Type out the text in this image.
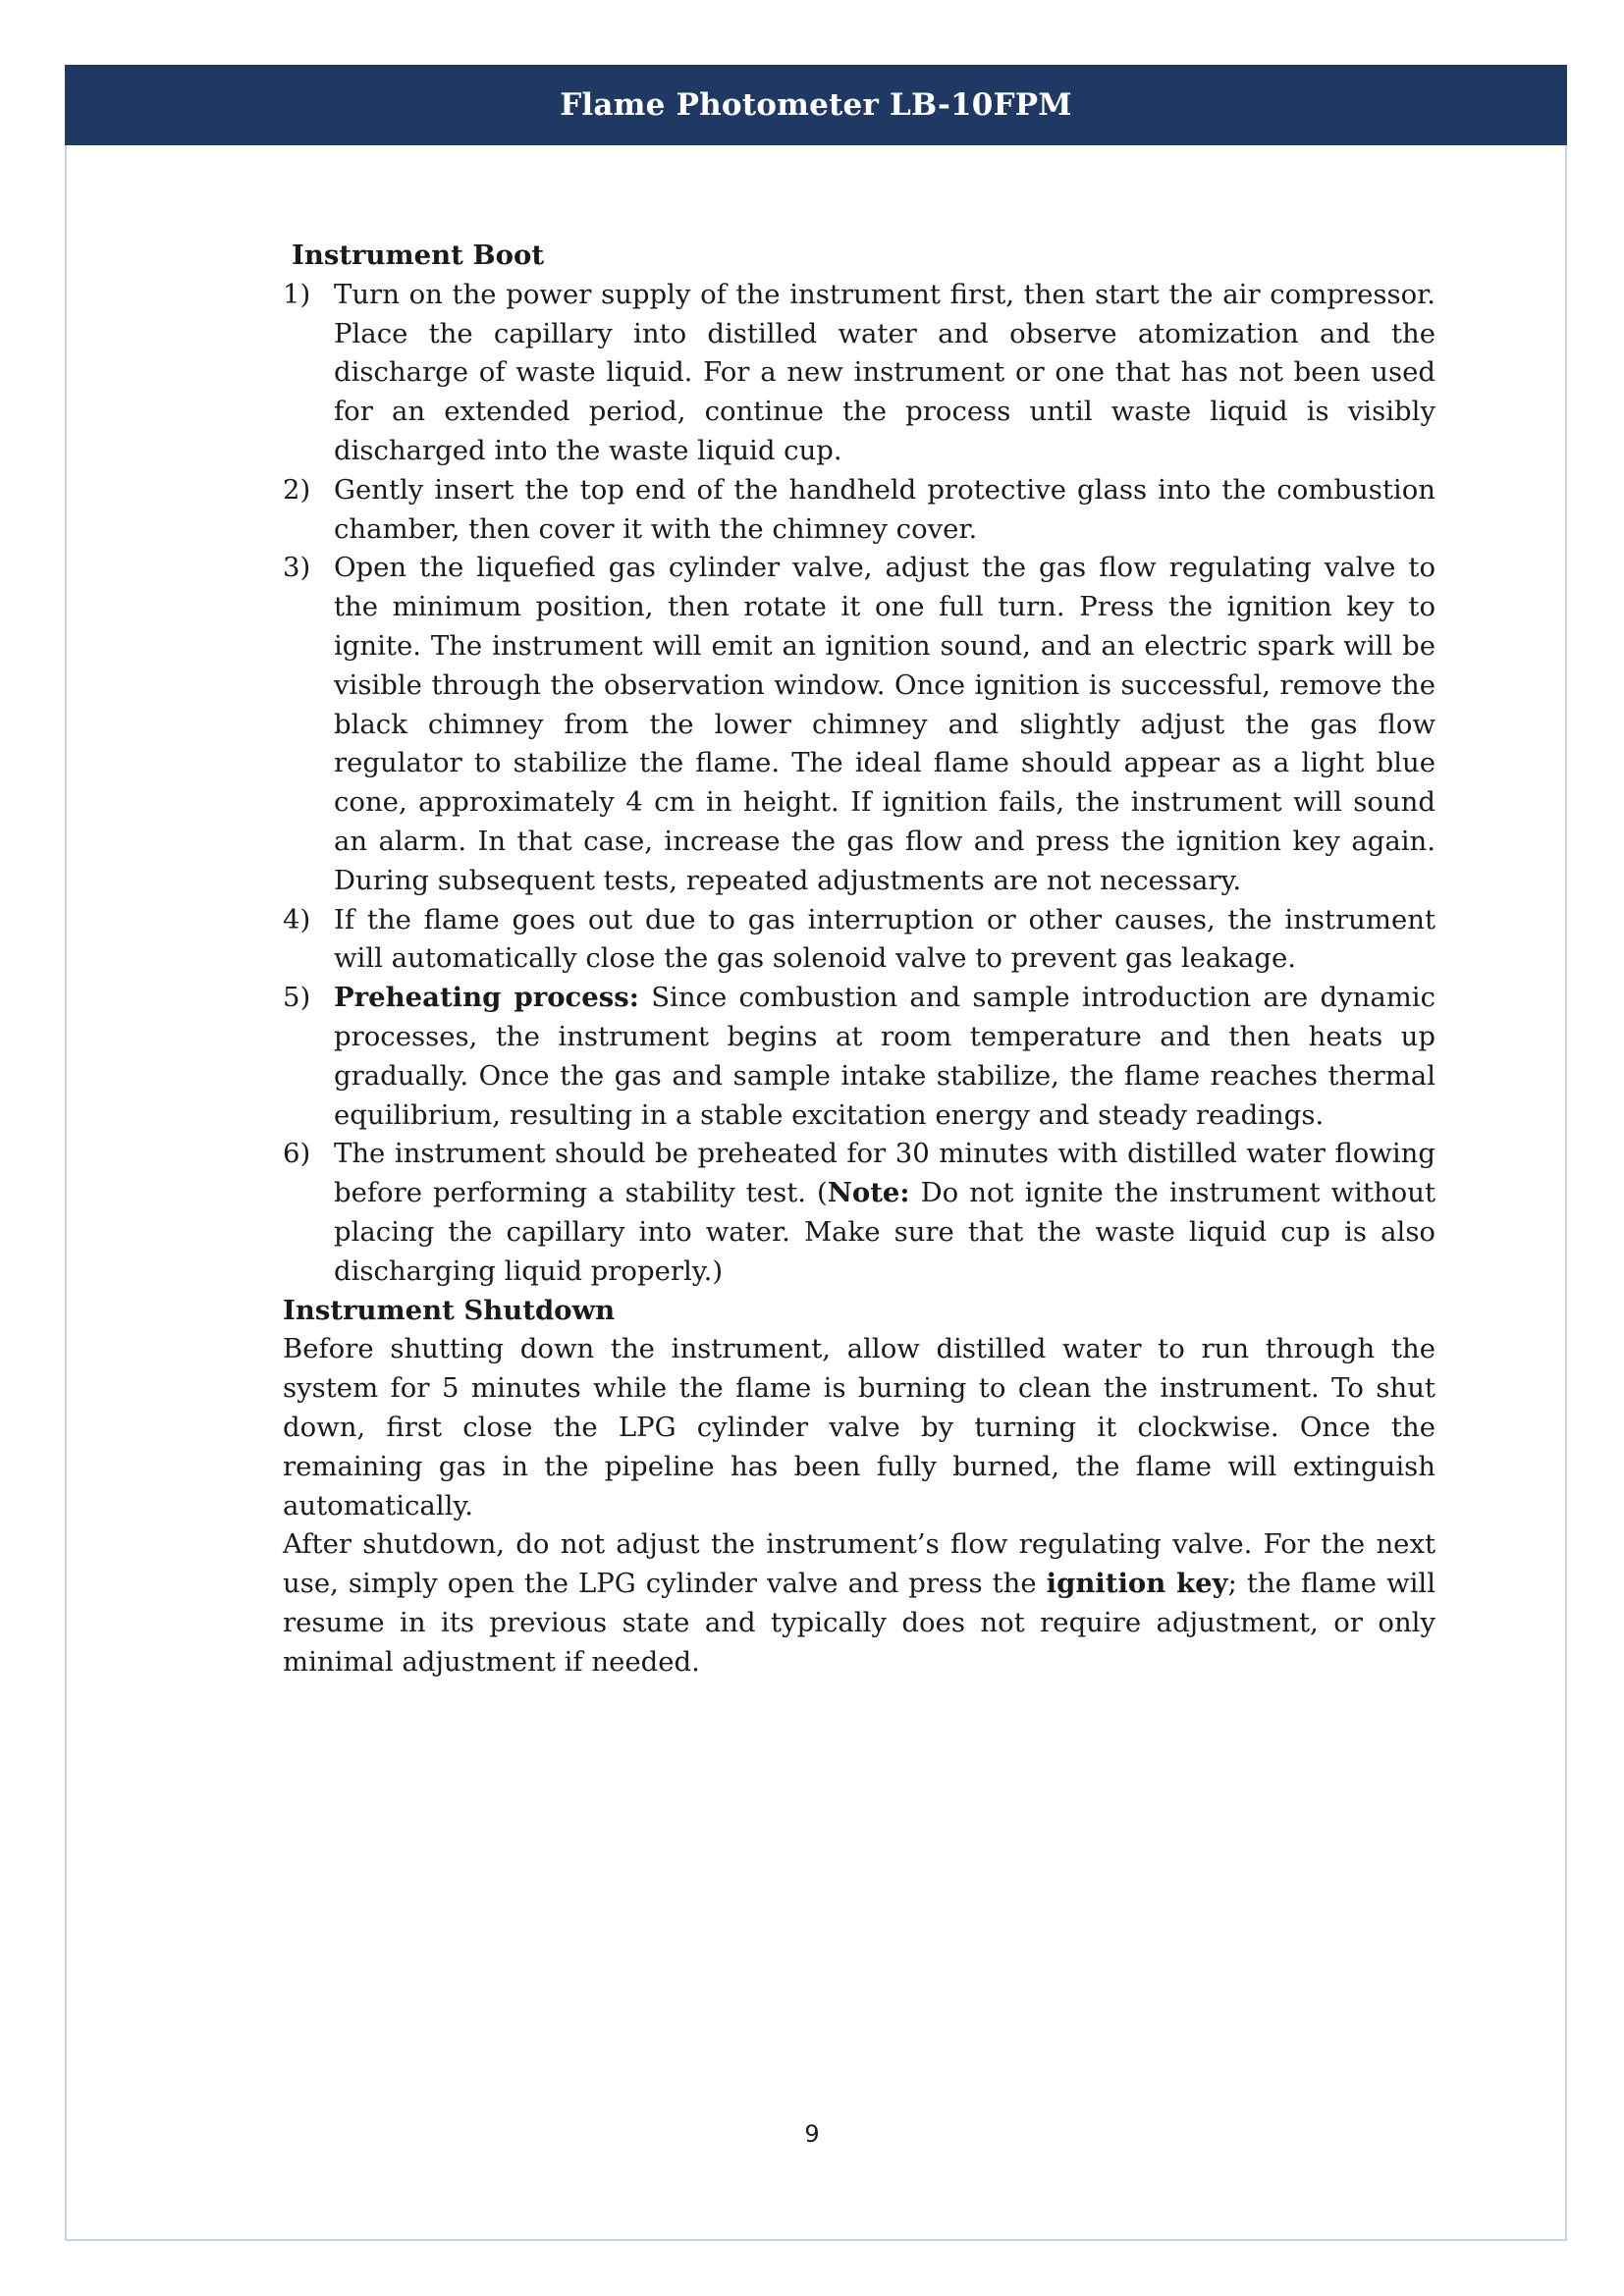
Flame Photometer LB-10FPM

Instrument Boot

1) Turn on the power supply of the instrument first, then start the air compressor. Place the capillary into distilled water and observe atomization and the discharge of waste liquid. For a new instrument or one that has not been used for an extended period, continue the process until waste liquid is visibly discharged into the waste liquid cup.
2) Gently insert the top end of the handheld protective glass into the combustion chamber, then cover it with the chimney cover.
3) Open the liquefied gas cylinder valve, adjust the gas flow regulating valve to the minimum position, then rotate it one full turn. Press the ignition key to ignite. The instrument will emit an ignition sound, and an electric spark will be visible through the observation window. Once ignition is successful, remove the black chimney from the lower chimney and slightly adjust the gas flow regulator to stabilize the flame. The ideal flame should appear as a light blue cone, approximately 4 cm in height. If ignition fails, the instrument will sound an alarm. In that case, increase the gas flow and press the ignition key again. During subsequent tests, repeated adjustments are not necessary.
4) If the flame goes out due to gas interruption or other causes, the instrument will automatically close the gas solenoid valve to prevent gas leakage.
5) Preheating process: Since combustion and sample introduction are dynamic processes, the instrument begins at room temperature and then heats up gradually. Once the gas and sample intake stabilize, the flame reaches thermal equilibrium, resulting in a stable excitation energy and steady readings.
6) The instrument should be preheated for 30 minutes with distilled water flowing before performing a stability test. (Note: Do not ignite the instrument without placing the capillary into water. Make sure that the waste liquid cup is also discharging liquid properly.)

Instrument Shutdown

Before shutting down the instrument, allow distilled water to run through the system for 5 minutes while the flame is burning to clean the instrument. To shut down, first close the LPG cylinder valve by turning it clockwise. Once the remaining gas in the pipeline has been fully burned, the flame will extinguish automatically.

After shutdown, do not adjust the instrument’s flow regulating valve. For the next use, simply open the LPG cylinder valve and press the ignition key; the flame will resume in its previous state and typically does not require adjustment, or only minimal adjustment if needed.

9
